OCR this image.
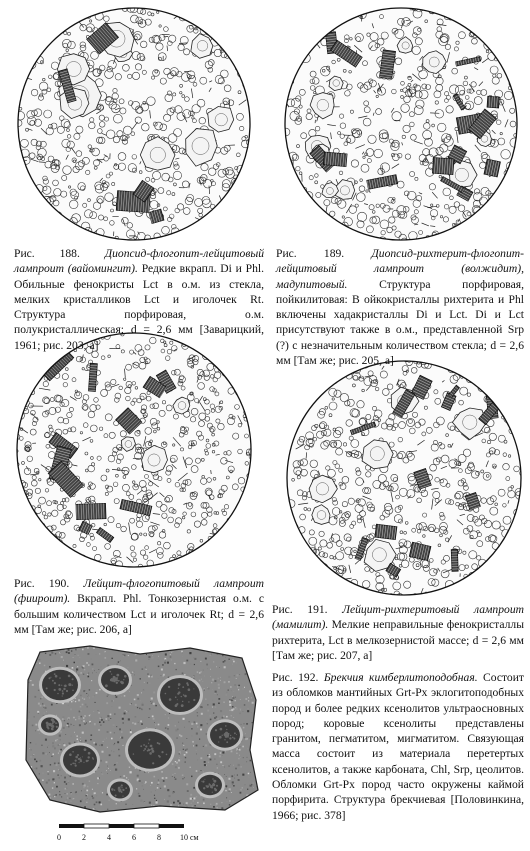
0	2	4	6	8 10 см
Рис. 188. Диопсид-флогопит-лейцитовый лампроит (вайомингит). Редкие вкрапл. Di и Phl. Обильные фенокристы Lct в о.м. из стекла, мелких кристалликов Lct и иголочек Rt. Структура порфировая, о.м. полукристаллическая; d = 2,6 мм [Заварицкий, 1961; рис. 203, а]
Рис. 189. Диопсид-рихтерит-флогопит-лейцитовый лампроит (волжидит), мадупитовый.	Структура порфировая, пойкилитовая: В ойкокристаллы рихтерита и Phl включены хадакристаллы Di и Lct. Di и Lct присутствуют также в о.м., представленной Srp (?) с незначительным количеством стекла; d = 2,6 мм [Там же; рис. 205, а]
Рис. 190. Лейцит-флогопитовый лампроит (фиироит). Вкрапл. Phl. Тонкозернистая о.м. с большим количеством Lct и иголочек Rt; d = 2,6 мм [Там же; рис. 206, а]
Рис. 191. Лейцит-рихтеритовый лампроит (мамилит). Мелкие неправильные фенокристаллы рихтерита, Lct в мелкозернистой массе; d = 2,6 мм [Там же; рис. 207, а]
Рис. 192. Брекчия кимберлитоподобная. Состоит из обломков мантийных Grt-Px эклогитоподобных пород и более редких ксенолитов ультраосновных пород; коровые ксенолиты представлены гранитом, пегматитом, мигматитом. Связующая масса состоит из материала перетертых ксенолитов, а также карбоната, Chl, Srp, цеолитов. Обломки Grt-Px пород часто окружены каймой порфирита. Структура брекчиевая [Половинкина, 1966; рис. 378]
